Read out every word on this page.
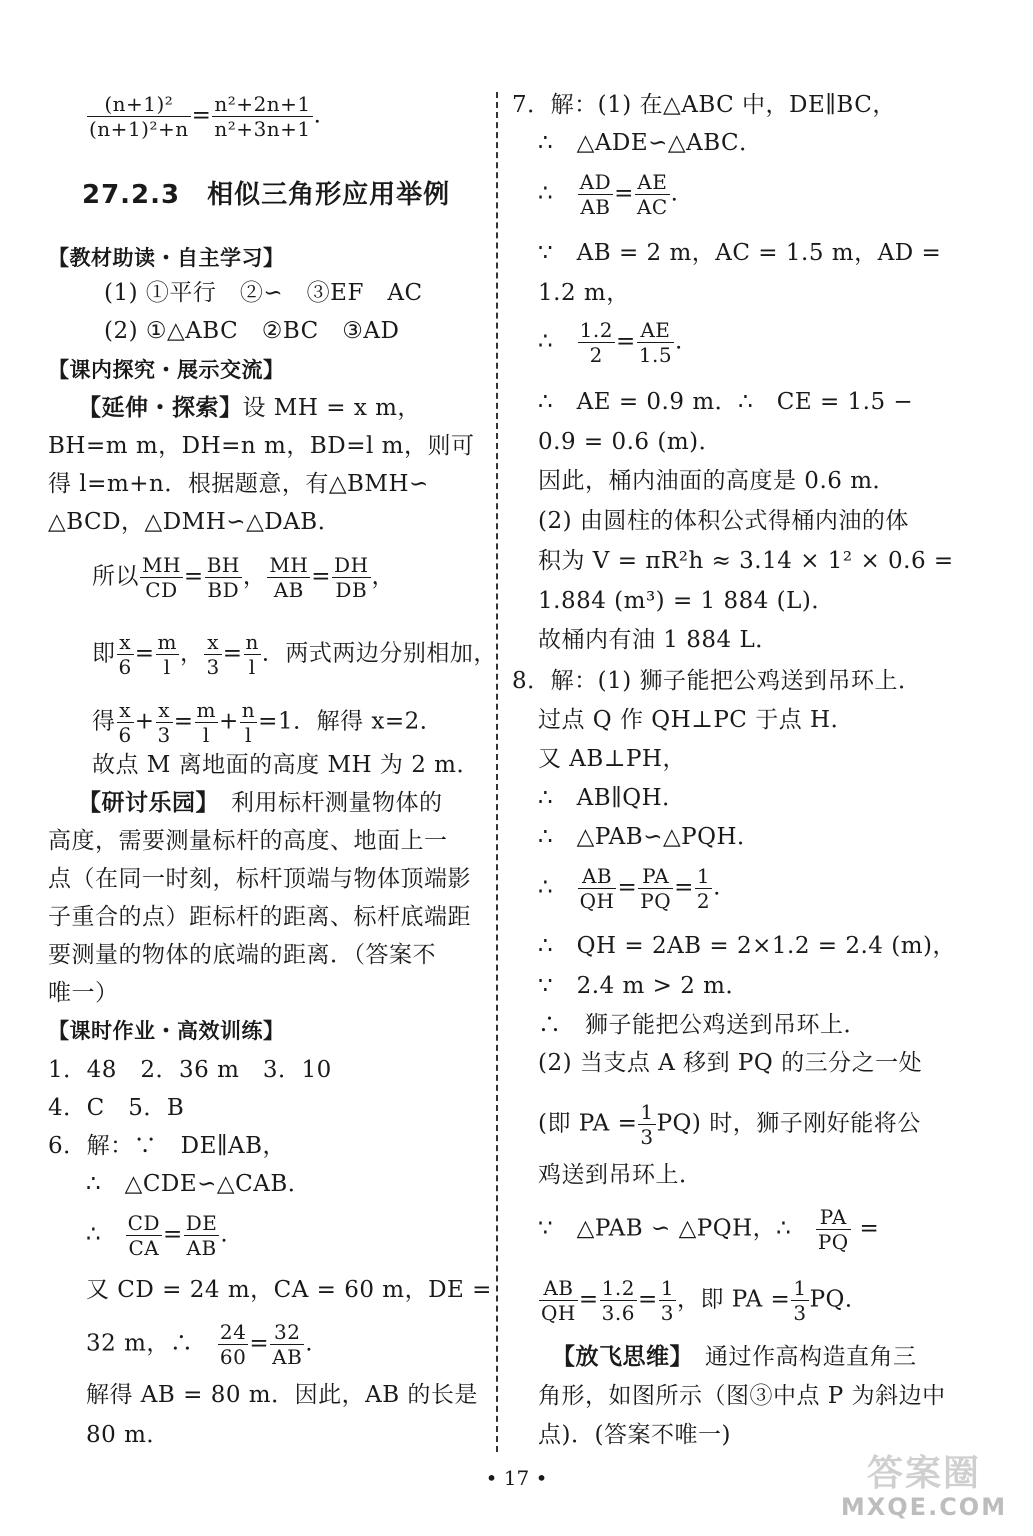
$\frac{\text{(n+1)²}}{\text{(n+1)²+n}} = \frac{\text{n²+2n+1}}{\text{n²+3n+1}}$ .
27.2.3　相似三角形应用举例
【教材助读・自主学习】
(1) ①平行　②∽　③EF　AC
(2) ①△ABC　②BC　③AD
【课内探究・展示交流】
【延伸・探索】设 MH = x m，
BH=m m，DH=n m，BD=l m，则可
得 l=m+n．根据题意，有△BMH∽
△BCD，△DMH∽△DAB．
所以 $\frac{MH}{CD} = \frac{BH}{BD}$ ， $\frac{MH}{AB} = \frac{DH}{DB}$ ，
即 $\frac{x}{6} = \frac{m}{l}$ ， $\frac{x}{3} = \frac{n}{l}$ ．两式两边分别相加，
得 $\frac{x}{6} + \frac{x}{3} = \frac{m}{l} + \frac{n}{l} =1$．解得 x=2．
故点 M 离地面的高度 MH 为 2 m．
【研讨乐园】　 利用标杆测量物体的
高度，需要测量标杆的高度、地面上一
点（在同一时刻，标杆顶端与物体顶端影
子重合的点）距标杆的距离、标杆底端距
要测量的物体的底端的距离．（答案不
唯一）
【课时作业・高效训练】
1．48　2．36 m　3．10
4．C　5．B
6．解：∵　DE∥AB，
∴　△CDE∽△CAB．
∴　 $\frac{CD}{CA} = \frac{DE}{AB}$ .
又 CD = 24 m，CA = 60 m，DE =
32 m，∴　 $\frac{24}{60} = \frac{32}{AB}$ .
解得 AB = 80 m．因此，AB 的长是
80 m．
7．解：(1) 在△ABC 中，DE∥BC，
∴　△ADE∽△ABC．
∴　 $\frac{AD}{AB} = \frac{AE}{AC}$ .
∵　AB = 2 m，AC = 1.5 m，AD =
1.2 m，
∴　 $\frac{1.2}{2} = \frac{AE}{1.5}$ .
∴　AE = 0.9 m．∴　CE = 1.5 −
0.9 = 0.6 (m)．
因此，桶内油面的高度是 0.6 m．
(2) 由圆柱的体积公式得桶内油的体
积为 V = πR²h ≈ 3.14 × 1² × 0.6 =
1.884 (m³) = 1 884 (L)．
故桶内有油 1 884 L．
8．解：(1) 狮子能把公鸡送到吊环上．
过点 Q 作 QH⊥PC 于点 H．
又 AB⊥PH，
∴　AB∥QH．
∴　△PAB∽△PQH．
∴　 $\frac{AB}{QH} = \frac{PA}{PQ} = \frac{1}{2}$ .
∴　QH = 2AB = 2×1.2 = 2.4 (m)，
∵　2.4 m > 2 m．
∴　狮子能把公鸡送到吊环上．
(2) 当支点 A 移到 PQ 的三分之一处
(即 PA = $\frac{1}{3} PQ$) 时，狮子刚好能将公
鸡送到吊环上．
∵　△PAB ∽ △PQH，∴　 $\frac{PA}{PQ}$ =
$\frac{AB}{QH} = \frac{1.2}{3.6} = \frac{1}{3}$ ，即 PA = $\frac{1}{3}$ PQ．
【放飞思维】　 通过作高构造直角三
角形，如图所示（图③中点 P 为斜边中
点)．(答案不唯一)
• 17 •	答案圈
MXQE.COM
